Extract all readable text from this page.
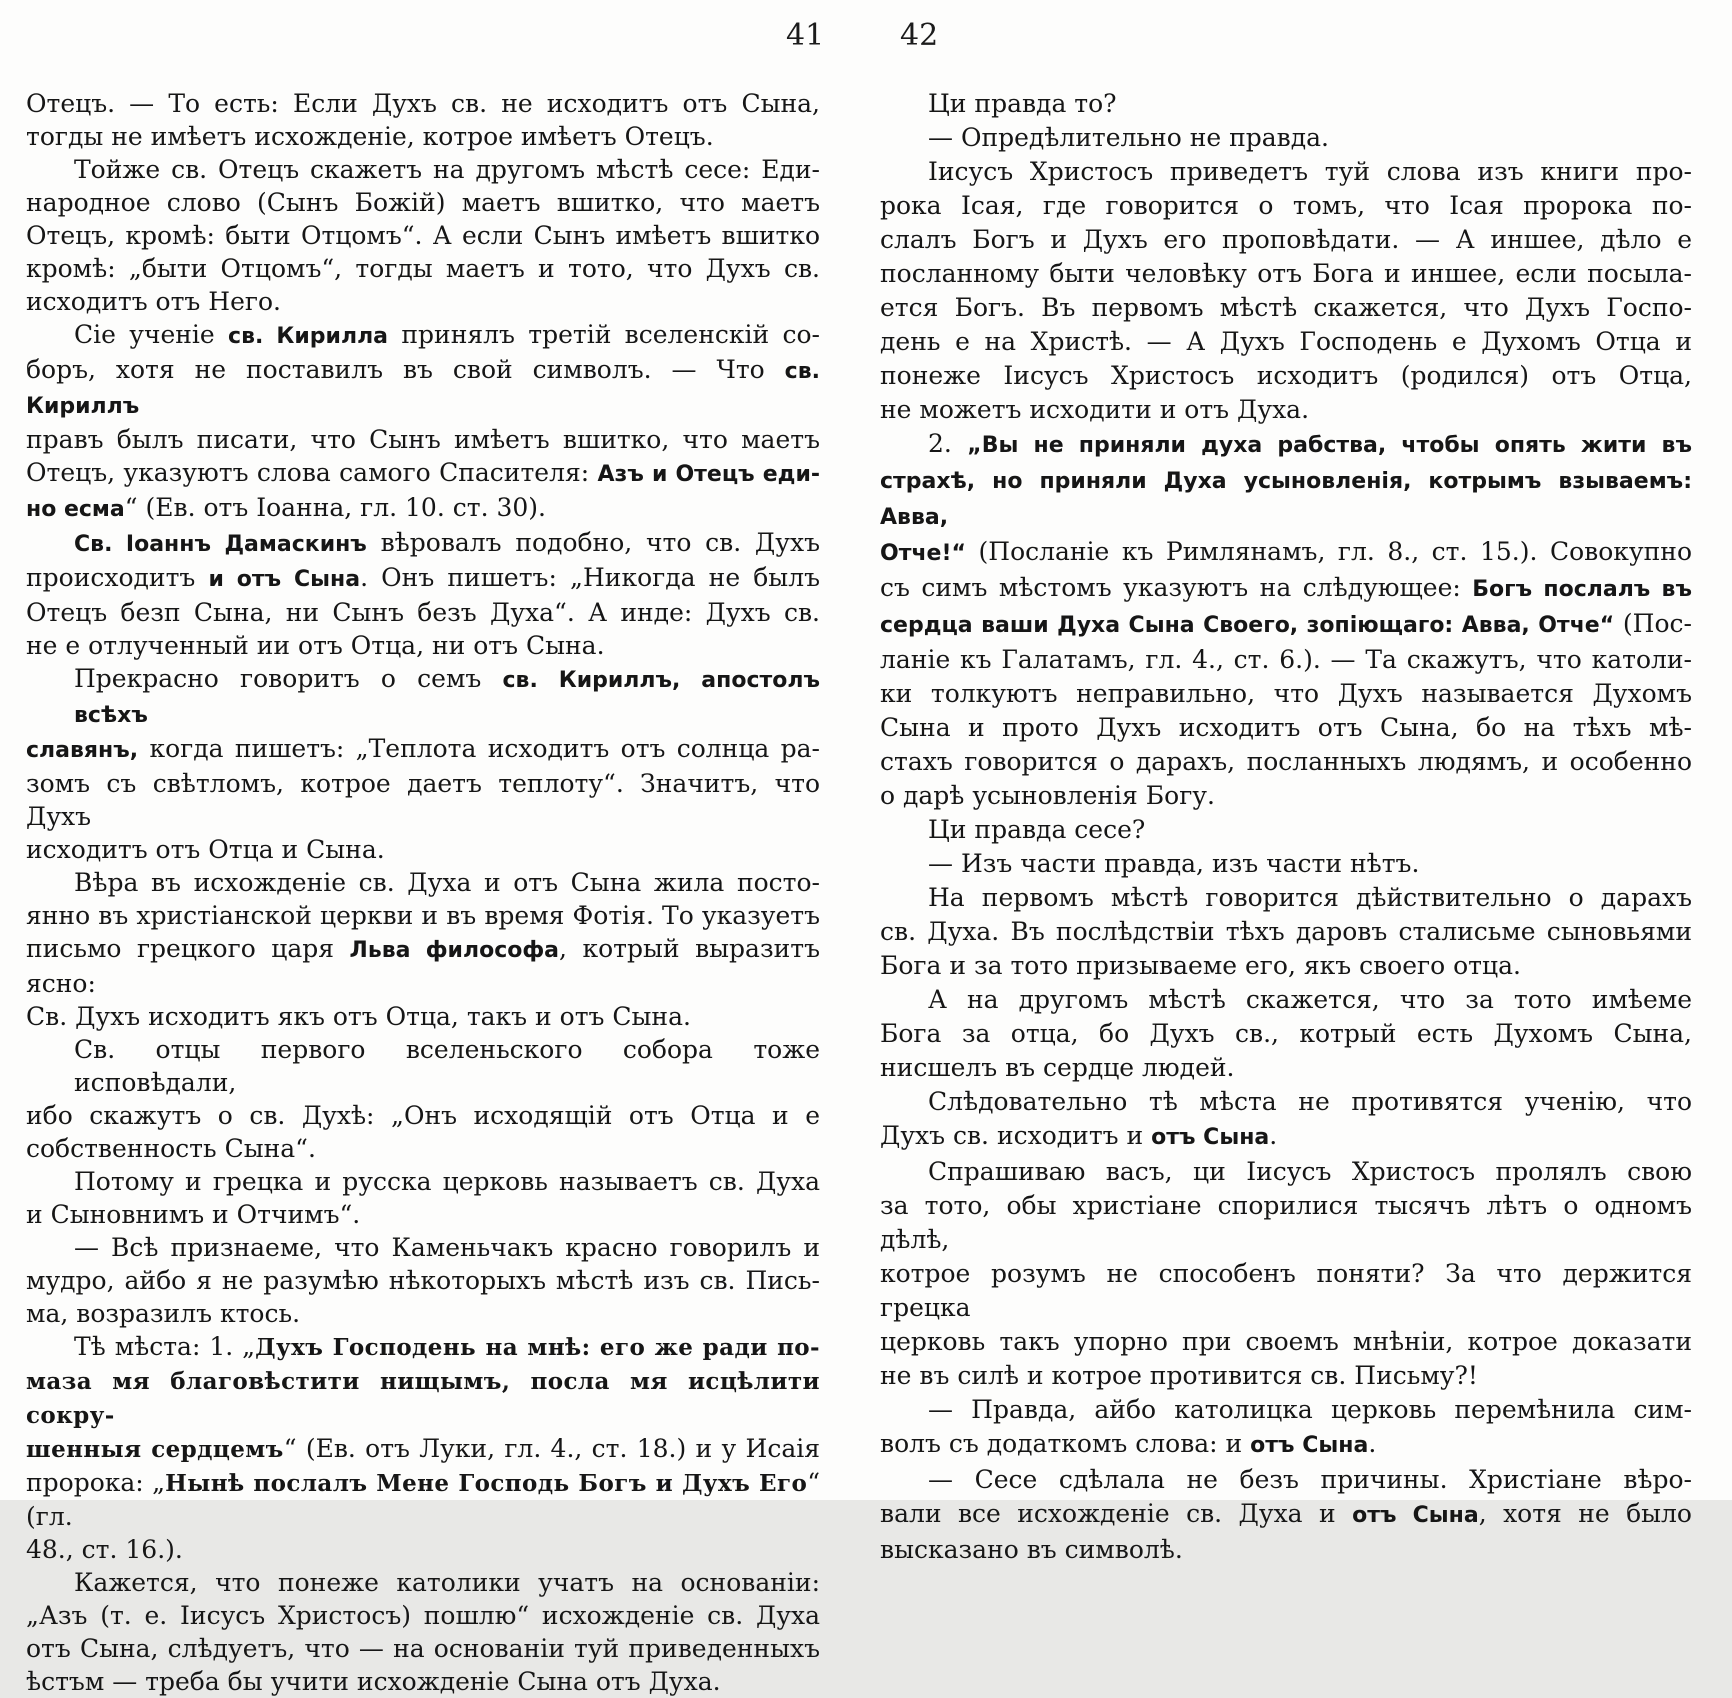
41	42
Отецъ. — То есть: Если Духъ св. не исходитъ отъ Сына,
тогды не имѣетъ исхожденіе, котрое имѣетъ Отецъ.
Тойже св. Отецъ скажетъ на другомъ мѣстѣ сесе: Еди-
народное слово (Сынъ Божій) маетъ вшитко, что маетъ
Отецъ, кромѣ: быти Отцомъ“. А если Сынъ имѣетъ вшитко
кромѣ: „быти Отцомъ“, тогды маетъ и тото, что Духъ св.
исходитъ отъ Него.
Сіе ученіе св. Кирилла принялъ третій вселенскій со-
боръ, хотя не поставилъ въ свой символъ. — Что св. Кириллъ
правъ былъ писати, что Сынъ имѣетъ вшитко, что маетъ
Отецъ, указуютъ слова самого Спасителя: Азъ и Отецъ еди-
но есма“ (Ев. отъ Іоанна, гл. 10. ст. 30).
Св. Іоаннъ Дамаскинъ вѣровалъ подобно, что св. Духъ
происходитъ и отъ Сына. Онъ пишетъ: „Никогда не былъ
Отецъ безп Сына, ни Сынъ безъ Духа“. А инде: Духъ св.
не е отлученный ии отъ Отца, ни отъ Сына.
Прекрасно говоритъ о семъ св. Кириллъ, апостолъ всѣхъ
славянъ, когда пишетъ: „Теплота исходитъ отъ солнца ра-
зомъ съ свѣтломъ, котрое даетъ теплоту“. Значитъ, что Духъ
исходитъ отъ Отца и Сына.
Вѣра въ исхожденіе св. Духа и отъ Сына жила посто-
янно въ христіанской церкви и въ время Фотія. То указуетъ
письмо грецкого царя Льва философа, котрый выразитъ ясно:
Св. Духъ исходитъ якъ отъ Отца, такъ и отъ Сына.
Св. отцы первого вселеньского собора тоже исповѣдали,
ибо скажутъ о св. Духѣ: „Онъ исходящій отъ Отца и е
собственность Сына“.
Потому и грецка и русска церковь называетъ св. Духа
и Сыновнимъ и Отчимъ“.
— Всѣ признаеме, что Каменьчакъ красно говорилъ и
мудро, айбо я не разумѣю нѣкоторыхъ мѣстѣ изъ св. Пись-
ма, возразилъ ктось.
Тѣ мѣста: 1. „Духъ Господень на мнѣ: его же ради по-
маза мя благовѣстити нищымъ, посла мя исцѣлити сокру-
шенныя сердцемъ“ (Ев. отъ Луки, гл. 4., ст. 18.) и у Исаія
пророка: „Нынѣ послалъ Мене Господь Богъ и Духъ Его“ (гл.
48., ст. 16.).
Кажется, что понеже католики учатъ на основаніи:
„Азъ (т. е. Іисусъ Христосъ) пошлю“ исхожденіе св. Духа
отъ Сына, слѣдуетъ, что — на основаніи туй приведенныхъ
ѣстъм — треба бы учити исхожденіе Сына отъ Духа.
Ци правда то?
— Опредѣлительно не правда.
Іисусъ Христосъ приведетъ туй слова изъ книги про-
рока Ісая, где говорится о томъ, что Ісая пророка по-
слалъ Богъ и Духъ его проповѣдати. — А иншее, дѣло е
посланному быти человѣку отъ Бога и иншее, если посыла-
ется Богъ. Въ первомъ мѣстѣ скажется, что Духъ Госпо-
день е на Христѣ. — А Духъ Господень е Духомъ Отца и
понеже Іисусъ Христосъ исходитъ (родился) отъ Отца,
не можетъ исходити и отъ Духа.
2. „Вы не приняли духа рабства, чтобы опять жити въ
страхѣ, но приняли Духа усыновленія, котрымъ взываемъ: Авва,
Отче!“ (Посланіе къ Римлянамъ, гл. 8., ст. 15.). Совокупно
съ симъ мѣстомъ указуютъ на слѣдующее: Богъ послалъ въ
сердца ваши Духа Сына Своего, зопіющаго: Авва, Отче“ (Пос-
ланіе къ Галатамъ, гл. 4., ст. 6.). — Та скажутъ, что католи-
ки толкуютъ неправильно, что Духъ называется Духомъ
Сына и прото Духъ исходитъ отъ Сына, бо на тѣхъ мѣ-
стахъ говорится о дарахъ, посланныхъ людямъ, и особенно
о дарѣ усыновленія Богу.
Ци правда сесе?
— Изъ части правда, изъ части нѣтъ.
На первомъ мѣстѣ говорится дѣйствительно о дарахъ
св. Духа. Въ послѣдствіи тѣхъ даровъ сталисьме сыновьями
Бога и за тото призываеме его, якъ своего отца.
А на другомъ мѣстѣ скажется, что за тото имѣеме
Бога за отца, бо Духъ св., котрый есть Духомъ Сына,
нисшелъ въ сердце людей.
Слѣдовательно тѣ мѣста не противятся ученію, что
Духъ св. исходитъ и отъ Сына.
Спрашиваю васъ, ци Іисусъ Христосъ пролялъ свою
за тото, обы христіане спорилися тысячъ лѣтъ о одномъ дѣлѣ,
котрое розумъ не способенъ поняти? За что держится грецка
церковь такъ упорно при своемъ мнѣніи, котрое доказати
не въ силѣ и котрое противится св. Письму?!
— Правда, айбо католицка церковь перемѣнила сим-
волъ съ додаткомъ слова: и отъ Сына.
— Сесе сдѣлала не безъ причины. Христіане вѣро-
вали все исхожденіе св. Духа и отъ Сына, хотя не было
высказано въ символѣ.
